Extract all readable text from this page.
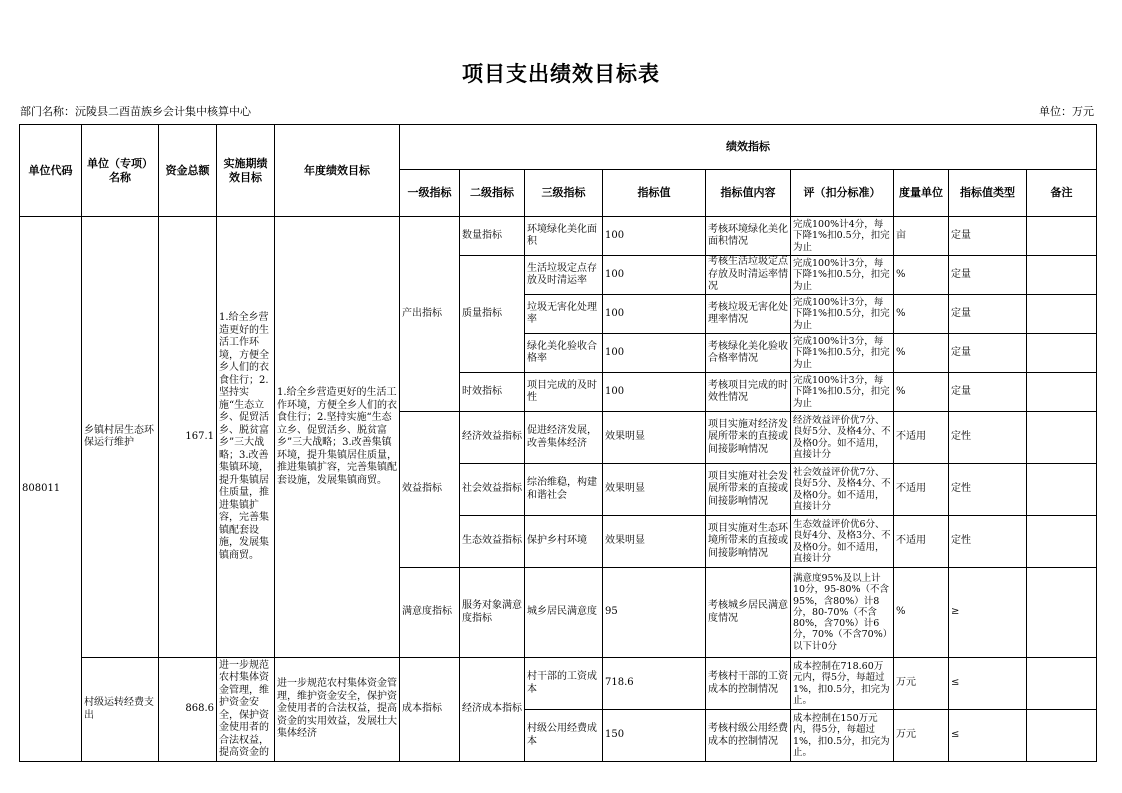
项目支出绩效目标表
部门名称：沅陵县二酉苗族乡会计集中核算中心	单位：万元
单位代码	单位（专项）名称	资金总额	实施期绩效目标	年度绩效目标	绩效指标								
					一级指标	二级指标	三级指标	指标值	指标值内容	评（扣分标准）	度量单位	指标值类型	备注
808011	乡镇村居生态环保运行维护	167.1	1.给全乡营造更好的生活工作环境，方便全乡人们的衣食住行；2.坚持实施“生态立乡、促贸活乡、脱贫富乡”三大战略；3.改善集镇环境，提升集镇居住质量，推进集镇扩容，完善集镇配套设施，发展集镇商贸。	1.给全乡营造更好的生活工作环境，方便全乡人们的衣食住行；2.坚持实施“生态立乡、促贸活乡、脱贫富乡”三大战略；3.改善集镇环境，提升集镇居住质量，推进集镇扩容，完善集镇配套设施，发展集镇商贸。	产出指标	数量指标	环境绿化美化面积	100	考核环境绿化美化面积情况	完成100%计4分，每下降1%扣0.5分，扣完为止	亩	定量	
						质量指标	生活垃圾定点存放及时清运率	100	考核生活垃圾定点存放及时清运率情况	完成100%计3分，每下降1%扣0.5分，扣完为止	%	定量	
							垃圾无害化处理率	100	考核垃圾无害化处理率情况	完成100%计3分，每下降1%扣0.5分，扣完为止	%	定量	
							绿化美化验收合格率	100	考核绿化美化验收合格率情况	完成100%计3分，每下降1%扣0.5分，扣完为止	%	定量	
						时效指标	项目完成的及时性	100	考核项目完成的时效性情况	完成100%计3分，每下降1%扣0.5分，扣完为止	%	定量	
					效益指标	经济效益指标	促进经济发展，改善集体经济	效果明显	项目实施对经济发展所带来的直接或间接影响情况	经济效益评价优7分、良好5分、及格4分、不及格0分。如不适用，直接计分	不适用	定性	
						社会效益指标	综治维稳，构建和谐社会	效果明显	项目实施对社会发展所带来的直接或间接影响情况	社会效益评价优7分、良好5分、及格4分、不及格0分。如不适用，直接计分	不适用	定性	
						生态效益指标	保护乡村环境	效果明显	项目实施对生态环境所带来的直接或间接影响情况	生态效益评价优6分、良好4分、及格3分、不及格0分。如不适用，直接计分	不适用	定性	
					满意度指标	服务对象满意度指标	城乡居民满意度	95	考核城乡居民满意度情况	满意度95%及以上计10分，95-80%（不含95%，含80%）计8分，80-70%（不含80%，含70%）计6分，70%（不含70%）以下计0分	%	≥	
	村级运转经费支出	868.6	进一步规范农村集体资金管理，维护资金安全，保护资金使用者的合法权益，提高资金的	进一步规范农村集体资金管理，维护资金安全，保护资金使用者的合法权益，提高资金的实用效益，发展壮大集体经济	成本指标	经济成本指标	村干部的工资成本	718.6	考核村干部的工资成本的控制情况	成本控制在718.60万元内，得5分，每超过1%，扣0.5分，扣完为止。	万元	≤	
							村级公用经费成本	150	考核村级公用经费成本的控制情况	成本控制在150万元内，得5分，每超过1%，扣0.5分，扣完为止。	万元	≤	
